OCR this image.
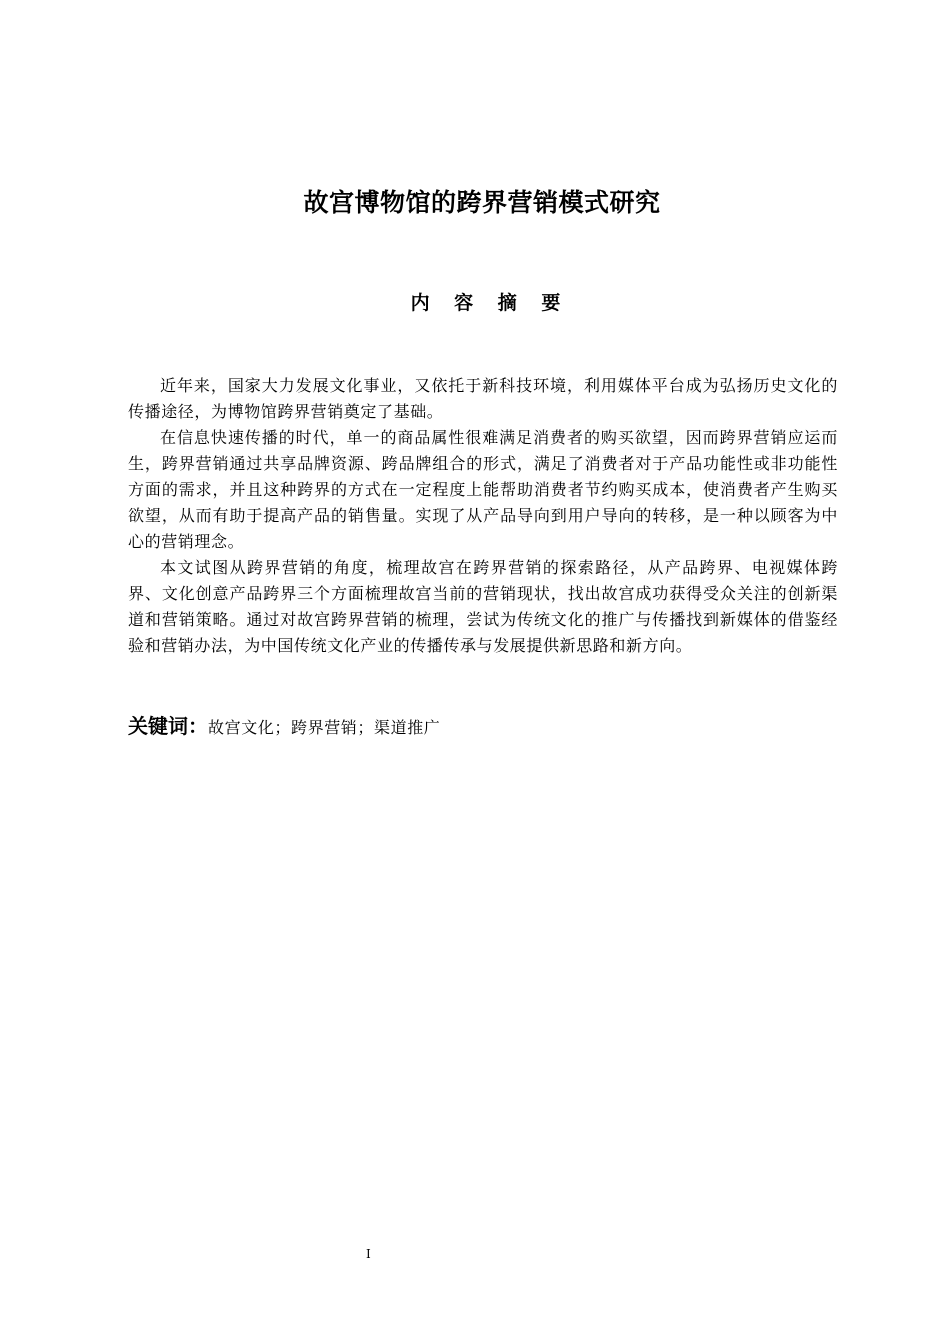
故宫博物馆的跨界营销模式研究
内 容 摘 要

近年来，国家大力发展文化事业，又依托于新科技环境，利用媒体平台成为弘扬历史文化的传播途径，为博物馆跨界营销奠定了基础。

在信息快速传播的时代，单一的商品属性很难满足消费者的购买欲望，因而跨界营销应运而生，跨界营销通过共享品牌资源、跨品牌组合的形式，满足了消费者对于产品功能性或非功能性方面的需求，并且这种跨界的方式在一定程度上能帮助消费者节约购买成本，使消费者产生购买欲望，从而有助于提高产品的销售量。实现了从产品导向到用户导向的转移，是一种以顾客为中心的营销理念。

本文试图从跨界营销的角度，梳理故宫在跨界营销的探索路径，从产品跨界、电视媒体跨界、文化创意产品跨界三个方面梳理故宫当前的营销现状，找出故宫成功获得受众关注的创新渠道和营销策略。通过对故宫跨界营销的梳理，尝试为传统文化的推广与传播找到新媒体的借鉴经验和营销办法，为中国传统文化产业的传播传承与发展提供新思路和新方向。

关键词：故宫文化；跨界营销；渠道推广
I
